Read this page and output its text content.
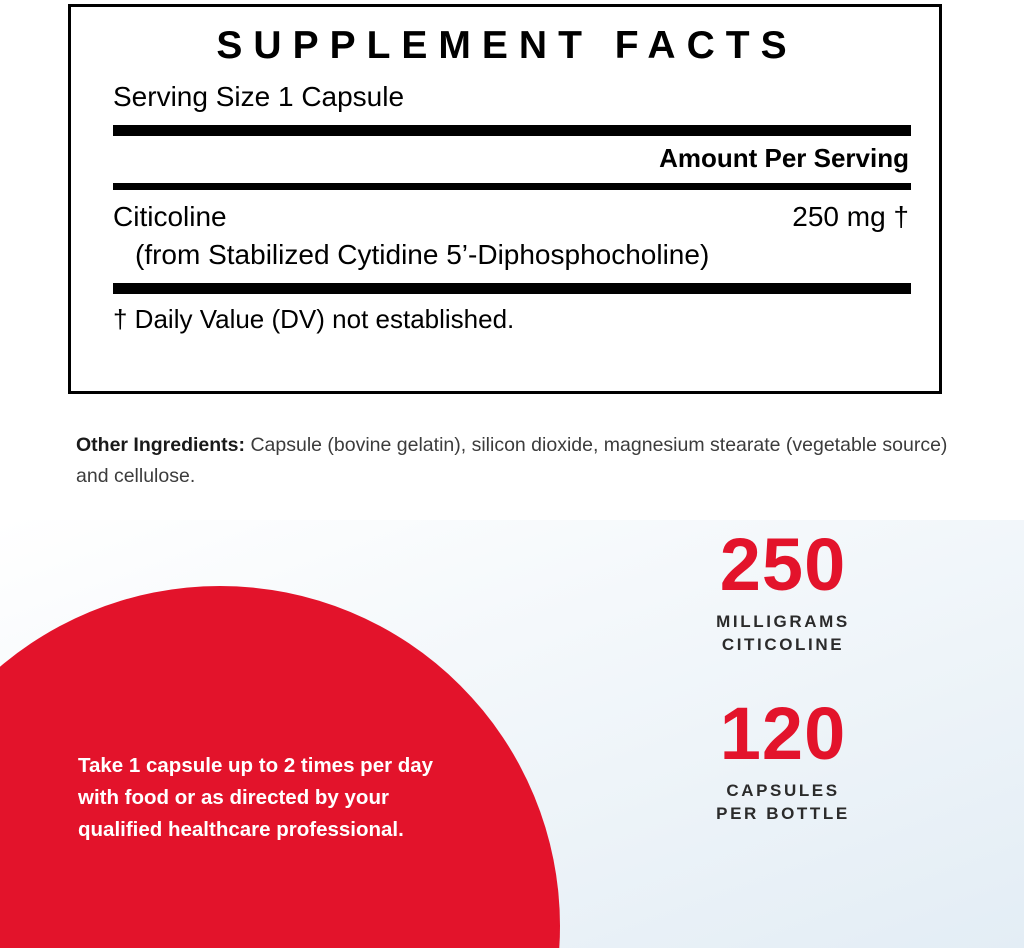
SUPPLEMENT FACTS
Serving Size 1 Capsule
Amount Per Serving
Citicoline	250 mg †
(from Stabilized Cytidine 5’-Diphosphocholine)
† Daily Value (DV) not established.
Other Ingredients: Capsule (bovine gelatin), silicon dioxide, magnesium stearate (vegetable source) and cellulose.
Take 1 capsule up to 2 times per day with food or as directed by your qualified healthcare professional.
250
MILLIGRAMS
CITICOLINE
120
CAPSULES
PER BOTTLE
